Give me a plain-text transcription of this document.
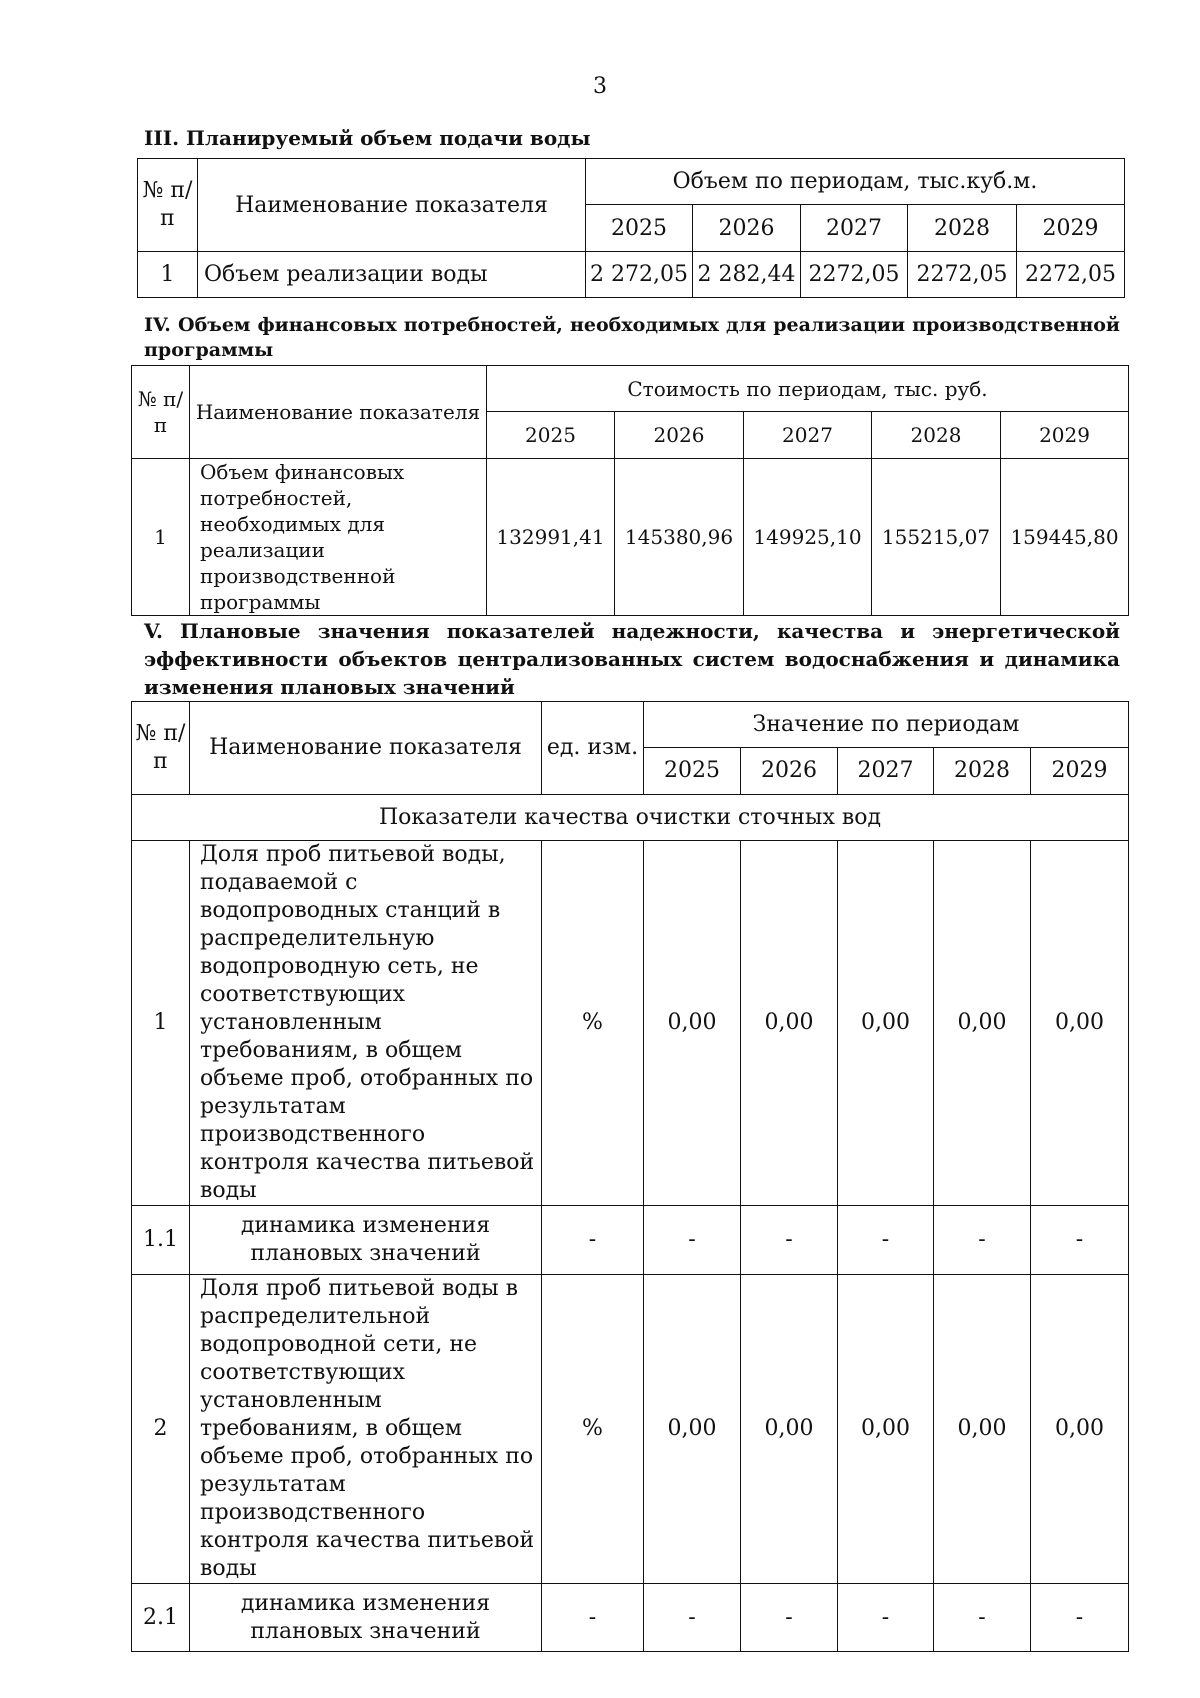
3
III. Планируемый объем подачи воды
№ п/п	Наименование показателя	Объем по периодам, тыс.куб.м.				
		2025	2026	2027	2028	2029
1	Объем реализации воды	2 272,05	2 282,44	2272,05	2272,05	2272,05
IV. Объем финансовых потребностей, необходимых для реализации производственной программы
№ п/п	Наименование показателя	Стоимость по периодам, тыс. руб.				
		2025	2026	2027	2028	2029
1	Объем финансовых потребностей, необходимых для реализации производственной программы	132991,41	145380,96	149925,10	155215,07	159445,80
V. Плановые значения показателей надежности, качества и энергетической эффективности объектов централизованных систем водоснабжения и динамика изменения плановых значений
№ п/п	Наименование показателя	ед. изм.	Значение по периодам				
			2025	2026	2027	2028	2029
Показатели качества очистки сточных вод							
1	Доля проб питьевой воды, подаваемой с водопроводных станций в распределительную водопроводную сеть, не соответствующих установленным требованиям, в общем объеме проб, отобранных по результатам производственного контроля качества питьевой воды	%	0,00	0,00	0,00	0,00	0,00
1.1	динамика изменения плановых значений	-	-	-	-	-	-
2	Доля проб питьевой воды в распределительной водопроводной сети, не соответствующих установленным требованиям, в общем объеме проб, отобранных по результатам производственного контроля качества питьевой воды	%	0,00	0,00	0,00	0,00	0,00
2.1	динамика изменения плановых значений	-	-	-	-	-	-
